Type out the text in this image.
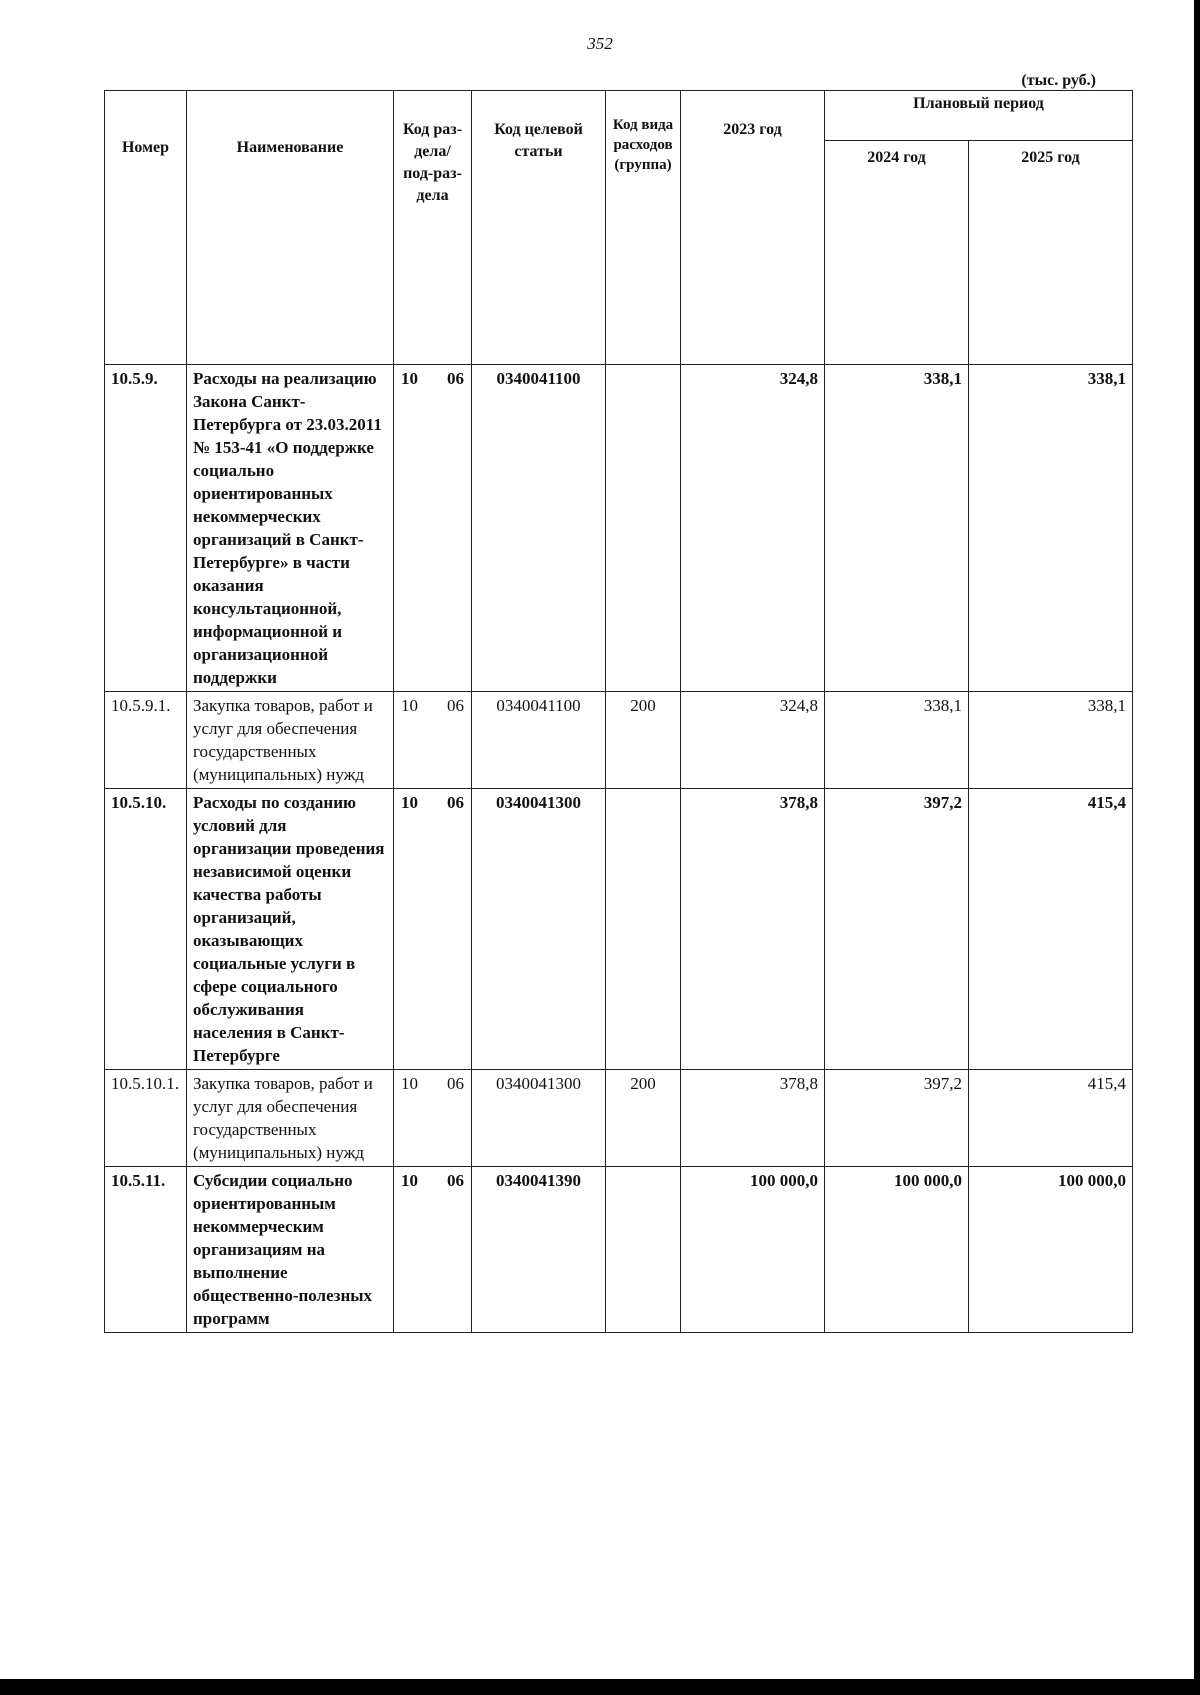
352
(тыс. руб.)
Номер	Наименование	Код раз-дела/ под-раз-дела	Код целевой статьи	Код вида расходов (группа)	2023 год	Плановый период	
						2024 год	2025 год
10.5.9.	Расходы на реализацию Закона Санкт-Петербурга от 23.03.2011 № 153-41 «О поддержке социально ориентированных некоммерческих организаций в Санкт-Петербурге» в части оказания консультационной, информационной и организационной поддержки	10 06	0340041100		324,8	338,1	338,1
10.5.9.1.	Закупка товаров, работ и услуг для обеспечения государственных (муниципальных) нужд	10 06	0340041100	200	324,8	338,1	338,1
10.5.10.	Расходы по созданию условий для организации проведения независимой оценки качества работы организаций, оказывающих социальные услуги в сфере социального обслуживания населения в Санкт-Петербурге	10 06	0340041300		378,8	397,2	415,4
10.5.10.1.	Закупка товаров, работ и услуг для обеспечения государственных (муниципальных) нужд	10 06	0340041300	200	378,8	397,2	415,4
10.5.11.	Субсидии социально ориентированным некоммерческим организациям на выполнение общественно-полезных программ	10 06	0340041390		100 000,0	100 000,0	100 000,0
